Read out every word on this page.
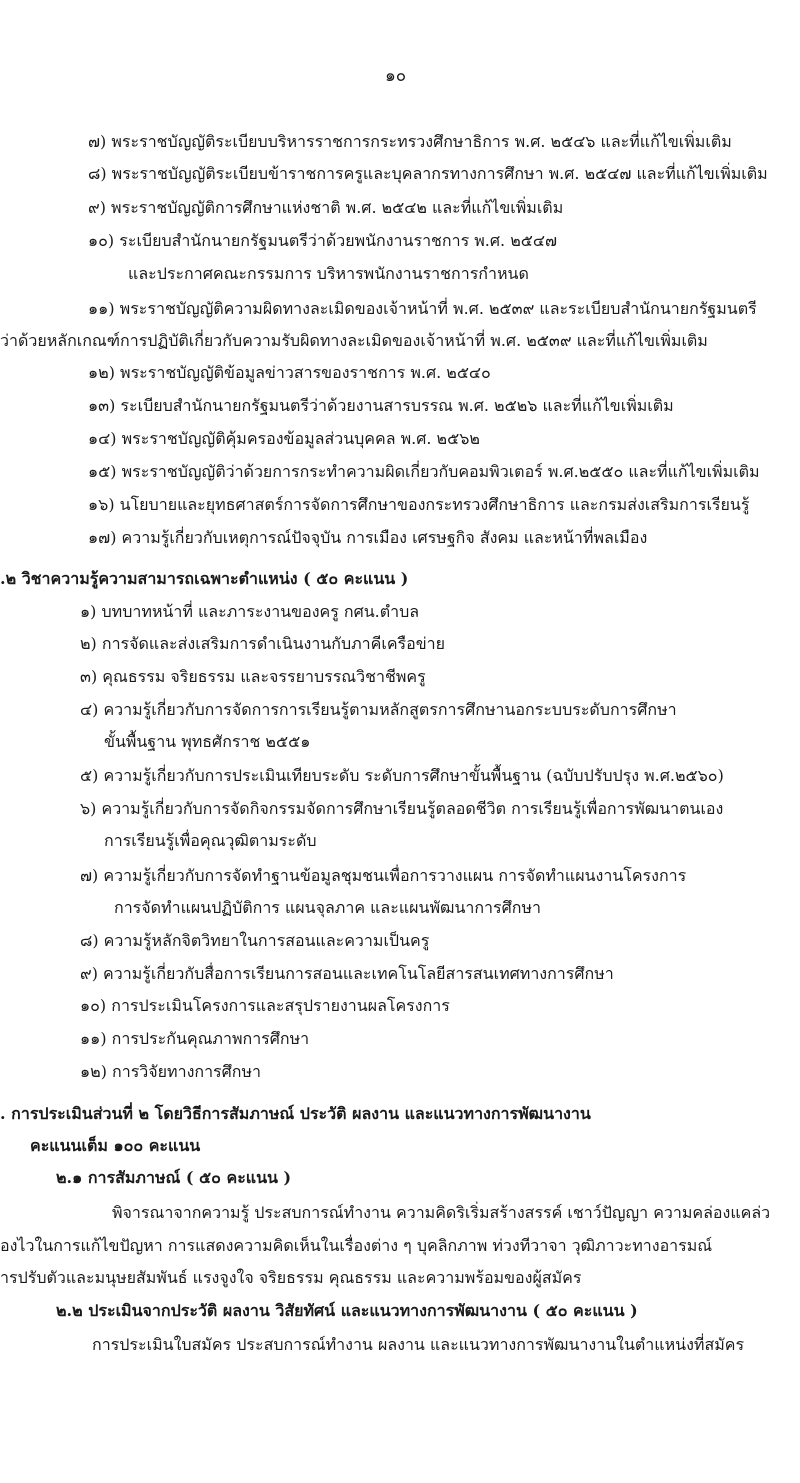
๑๐
๗) พระราชบัญญัติระเบียบบริหารราชการกระทรวงศึกษาธิการ พ.ศ. ๒๕๔๖ และที่แก้ไขเพิ่มเติม
๘) พระราชบัญญัติระเบียบข้าราชการครูและบุคลากรทางการศึกษา พ.ศ. ๒๕๔๗ และที่แก้ไขเพิ่มเติม
๙) พระราชบัญญัติการศึกษาแห่งชาติ พ.ศ. ๒๕๔๒ และที่แก้ไขเพิ่มเติม
๑๐) ระเบียบสำนักนายกรัฐมนตรีว่าด้วยพนักงานราชการ พ.ศ. ๒๕๔๗
และประกาศคณะกรรมการ บริหารพนักงานราชการกำหนด
๑๑) พระราชบัญญัติความผิดทางละเมิดของเจ้าหน้าที่ พ.ศ. ๒๕๓๙ และระเบียบสำนักนายกรัฐมนตรี
ว่าด้วยหลักเกณฑ์การปฏิบัติเกี่ยวกับความรับผิดทางละเมิดของเจ้าหน้าที่ พ.ศ. ๒๕๓๙ และที่แก้ไขเพิ่มเติม
๑๒) พระราชบัญญัติข้อมูลข่าวสารของราชการ พ.ศ. ๒๕๔๐
๑๓) ระเบียบสำนักนายกรัฐมนตรีว่าด้วยงานสารบรรณ พ.ศ. ๒๕๒๖ และที่แก้ไขเพิ่มเติม
๑๔) พระราชบัญญัติคุ้มครองข้อมูลส่วนบุคคล พ.ศ. ๒๕๖๒
๑๕) พระราชบัญญัติว่าด้วยการกระทำความผิดเกี่ยวกับคอมพิวเตอร์ พ.ศ.๒๕๕๐ และที่แก้ไขเพิ่มเติม
๑๖) นโยบายและยุทธศาสตร์การจัดการศึกษาของกระทรวงศึกษาธิการ และกรมส่งเสริมการเรียนรู้
๑๗) ความรู้เกี่ยวกับเหตุการณ์ปัจจุบัน การเมือง เศรษฐกิจ สังคม และหน้าที่พลเมือง
.๒ วิชาความรู้ความสามารถเฉพาะตำแหน่ง ( ๕๐ คะแนน )
๑) บทบาทหน้าที่ และภาระงานของครู กศน.ตำบล
๒) การจัดและส่งเสริมการดำเนินงานกับภาคีเครือข่าย
๓) คุณธรรม จริยธรรม และจรรยาบรรณวิชาชีพครู
๔) ความรู้เกี่ยวกับการจัดการการเรียนรู้ตามหลักสูตรการศึกษานอกระบบระดับการศึกษา
ขั้นพื้นฐาน พุทธศักราช ๒๕๕๑
๕) ความรู้เกี่ยวกับการประเมินเทียบระดับ ระดับการศึกษาขั้นพื้นฐาน (ฉบับปรับปรุง พ.ศ.๒๕๖๐)
๖) ความรู้เกี่ยวกับการจัดกิจกรรมจัดการศึกษาเรียนรู้ตลอดชีวิต การเรียนรู้เพื่อการพัฒนาตนเอง
การเรียนรู้เพื่อคุณวุฒิตามระดับ
๗) ความรู้เกี่ยวกับการจัดทำฐานข้อมูลชุมชนเพื่อการวางแผน การจัดทำแผนงานโครงการ
การจัดทำแผนปฏิบัติการ แผนจุลภาค และแผนพัฒนาการศึกษา
๘) ความรู้หลักจิตวิทยาในการสอนและความเป็นครู
๙) ความรู้เกี่ยวกับสื่อการเรียนการสอนและเทคโนโลยีสารสนเทศทางการศึกษา
๑๐) การประเมินโครงการและสรุปรายงานผลโครงการ
๑๑) การประกันคุณภาพการศึกษา
๑๒) การวิจัยทางการศึกษา
. การประเมินส่วนที่ ๒ โดยวิธีการสัมภาษณ์ ประวัติ ผลงาน และแนวทางการพัฒนางาน
คะแนนเต็ม ๑๐๐ คะแนน
๒.๑ การสัมภาษณ์ ( ๕๐ คะแนน )
พิจารณาจากความรู้ ประสบการณ์ทำงาน ความคิดริเริ่มสร้างสรรค์ เชาว์ปัญญา ความคล่องแคล่ว
องไวในการแก้ไขปัญหา การแสดงความคิดเห็นในเรื่องต่าง ๆ บุคลิกภาพ ท่วงทีวาจา วุฒิภาวะทางอารมณ์
ารปรับตัวและมนุษยสัมพันธ์ แรงจูงใจ จริยธรรม คุณธรรม และความพร้อมของผู้สมัคร
๒.๒ ประเมินจากประวัติ ผลงาน วิสัยทัศน์ และแนวทางการพัฒนางาน ( ๕๐ คะแนน )
การประเมินใบสมัคร ประสบการณ์ทำงาน ผลงาน และแนวทางการพัฒนางานในตำแหน่งที่สมัคร
